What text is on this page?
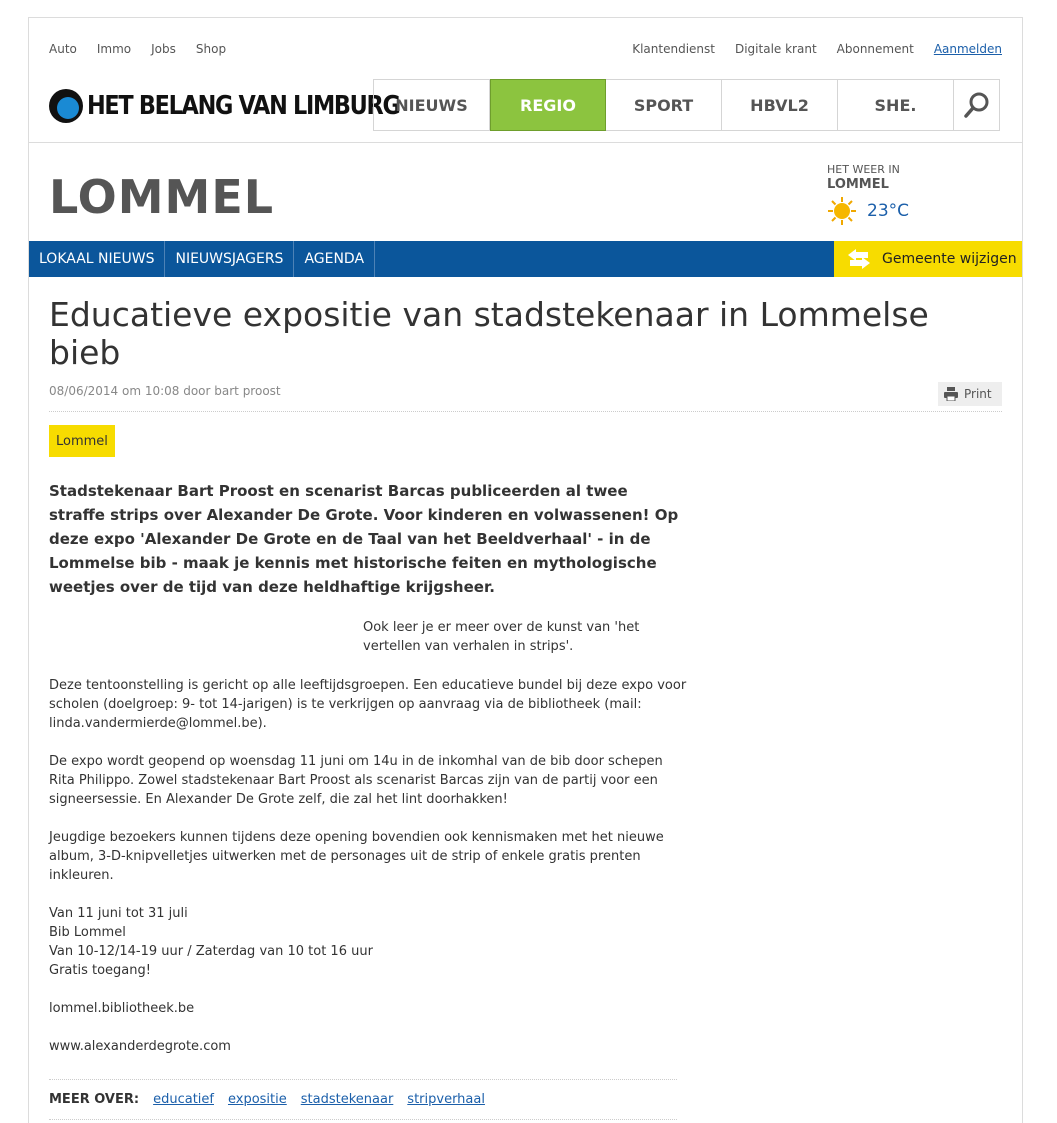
Auto Immo Jobs Shop	Klantendienst Digitale krant Abonnement Aanmelden
HET BELANG VAN LIMBURG
NIEUWS	REGIO	SPORT	HBVL2	SHE.
LOMMEL
HET WEER IN
LOMMEL
23°C
LOKAAL NIEUWS	NIEUWSJAGERS	AGENDA	Gemeente wijzigen
Educatieve expositie van stadstekenaar in Lommelse bieb
08/06/2014 om 10:08 door bart proost	Print
Lommel
Stadstekenaar Bart Proost en scenarist Barcas publiceerden al twee straffe strips over Alexander De Grote. Voor kinderen en volwassenen! Op deze expo 'Alexander De Grote en de Taal van het Beeldverhaal' - in de Lommelse bib - maak je kennis met historische feiten en mythologische weetjes over de tijd van deze heldhaftige krijgsheer.
Ook leer je er meer over de kunst van 'het vertellen van verhalen in strips'.

Deze tentoonstelling is gericht op alle leeftijdsgroepen. Een educatieve bundel bij deze expo voor scholen (doelgroep: 9- tot 14-jarigen) is te verkrijgen op aanvraag via de bibliotheek (mail: linda.vandermierde@lommel.be).

De expo wordt geopend op woensdag 11 juni om 14u in de inkomhal van de bib door schepen Rita Philippo. Zowel stadstekenaar Bart Proost als scenarist Barcas zijn van de partij voor een signeersessie. En Alexander De Grote zelf, die zal het lint doorhakken!

Jeugdige bezoekers kunnen tijdens deze opening bovendien ook kennismaken met het nieuwe album, 3-D-knipvelletjes uitwerken met de personages uit de strip of enkele gratis prenten inkleuren.

Van 11 juni tot 31 juli
Bib Lommel
Van 10-12/14-19 uur / Zaterdag van 10 tot 16 uur
Gratis toegang!

lommel.bibliotheek.be

www.alexanderdegrote.com

MEER OVER: educatief expositie stadstekenaar stripverhaal
